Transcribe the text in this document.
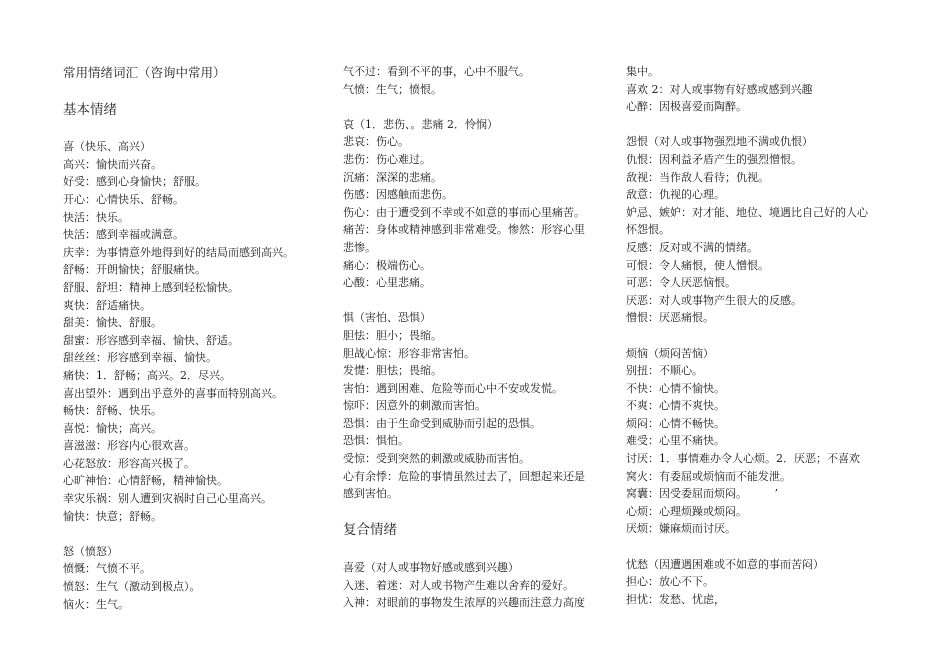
常用情绪词汇（咨询中常用）
基本情绪
喜（快乐、高兴）
高兴：愉快而兴奋。
好受：感到心身愉快；舒服。
开心：心情快乐、舒畅。
快活：快乐。
快活：感到幸福或满意。
庆幸：为事情意外地得到好的结局而感到高兴。
舒畅：开朗愉快；舒服痛快。
舒服、舒坦：精神上感到轻松愉快。
爽快：舒适痛快。
甜美：愉快、舒服。
甜蜜：形容感到幸福、愉快、舒适。
甜丝丝：形容感到幸福、愉快。
痛快：1．舒畅；高兴。2．尽兴。
喜出望外：遇到出乎意外的喜事而特别高兴。
畅快：舒畅、快乐。
喜悦：愉快；高兴。
喜滋滋：形容内心很欢喜。
心花怒放：形容高兴极了。
心旷神怡：心情舒畅，精神愉快。
幸灾乐祸：别人遭到灾祸时自己心里高兴。
愉快：快意；舒畅。
怒（愤怒）
愤慨：气愤不平。
愤怒：生气（激动到极点）。
恼火：生气。
气不过：看到不平的事，心中不服气。
气愤：生气；愤恨。
哀（1．悲伤、。悲痛 2．怜悯）
悲哀：伤心。
悲伤：伤心难过。
沉痛：深深的悲痛。
伤感：因感触而悲伤。
伤心：由于遭受到不幸或不如意的事而心里痛苦。
痛苦：身体或精神感到非常难受。惨然：形容心里
悲惨。
痛心：极端伤心。
心酸：心里悲痛。
惧（害怕、恐惧）
胆怯：胆小；畏缩。
胆战心惊：形容非常害怕。
发憷：胆怯；畏缩。
害怕：遇到困难、危险等而心中不安或发慌。
惊吓：因意外的刺激而害怕。
恐惧：由于生命受到威胁而引起的恐惧。
恐惧：惧怕。
受惊：受到突然的刺激或威胁而害怕。
心有余悸：危险的事情虽然过去了，回想起来还是
感到害怕。
复合情绪
喜爱（对人或事物好感或感到兴趣）
入迷、着迷：对人或书物产生难以舍弃的爱好。
入神：对眼前的事物发生浓厚的兴趣而注意力高度
集中。
喜欢 2：对人或事物有好感或感到兴趣
心醉：因极喜爱而陶醉。
怨恨（对人或事物强烈地不满或仇恨）
仇恨：因利益矛盾产生的强烈憎恨。
敌视：当作敌人看待；仇视。
敌意：仇视的心理。
妒忌、嫉妒：对才能、地位、境遇比自己好的人心
怀怨恨。
反感：反对或不满的情绪。
可恨：令人痛恨，使人憎恨。
可恶：令人厌恶恼恨。
厌恶：对人或事物产生很大的反感。
憎恨：厌恶痛恨。
烦恼（烦闷苦恼）
别扭：不顺心。
不快：心情不愉快。
不爽：心情不爽快。
烦闷：心情不畅快。
难受：心里不痛快。
讨厌：1．事情难办令人心烦。2．厌恶；不喜欢
窝火：有委屈或烦恼而不能发泄。
窝囊：因受委屈而烦闷。　　　’
心烦：心理烦躁或烦闷。
厌烦：嫌麻烦而讨厌。
忧愁（因遭遇困难或不如意的事而苦闷）
担心：放心不下。
担忧：发愁、忧虑，
